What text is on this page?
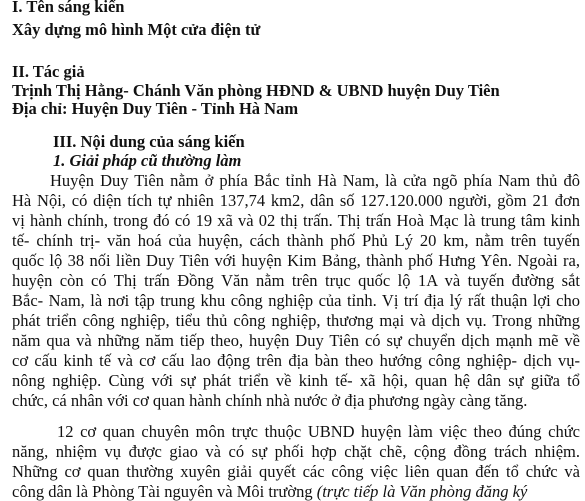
I. Tên sáng kiến
Xây dựng mô hình Một cửa điện tử
II. Tác giả
Trịnh Thị Hằng- Chánh Văn phòng HĐND & UBND huyện Duy Tiên
Địa chỉ: Huyện Duy Tiên - Tỉnh Hà Nam
III. Nội dung của sáng kiến
1. Giải pháp cũ thường làm
Huyện Duy Tiên nằm ở phía Bắc tỉnh Hà Nam, là cửa ngõ phía Nam thủ đô
Hà Nội, có diện tích tự nhiên 137,74 km2, dân số 127.120.000 người, gồm 21 đơn
vị hành chính, trong đó có 19 xã và 02 thị trấn. Thị trấn Hoà Mạc là trung tâm kinh
tế- chính trị- văn hoá của huyện, cách thành phố Phủ Lý 20 km, nằm trên tuyến
quốc lộ 38 nối liền Duy Tiên với huyện Kim Bảng, thành phố Hưng Yên. Ngoài ra,
huyện còn có Thị trấn Đồng Văn nằm trên trục quốc lộ 1A và tuyến đường sắt
Bắc- Nam, là nơi tập trung khu công nghiệp của tỉnh. Vị trí địa lý rất thuận lợi cho
phát triển công nghiệp, tiểu thủ công nghiệp, thương mại và dịch vụ. Trong những
năm qua và những năm tiếp theo, huyện Duy Tiên có sự chuyển dịch mạnh mẽ về
cơ cấu kinh tế và cơ cấu lao động trên địa bàn theo hướng công nghiệp- dịch vụ-
nông nghiệp. Cùng với sự phát triển về kinh tế- xã hội, quan hệ dân sự giữa tổ
chức, cá nhân với cơ quan hành chính nhà nước ở địa phương ngày càng tăng.
12 cơ quan chuyên môn trực thuộc UBND huyện làm việc theo đúng chức
năng, nhiệm vụ được giao và có sự phối hợp chặt chẽ, cộng đồng trách nhiệm.
Những cơ quan thường xuyên giải quyết các công việc liên quan đến tổ chức và
công dân là Phòng Tài nguyên và Môi trường (trực tiếp là Văn phòng đăng ký
